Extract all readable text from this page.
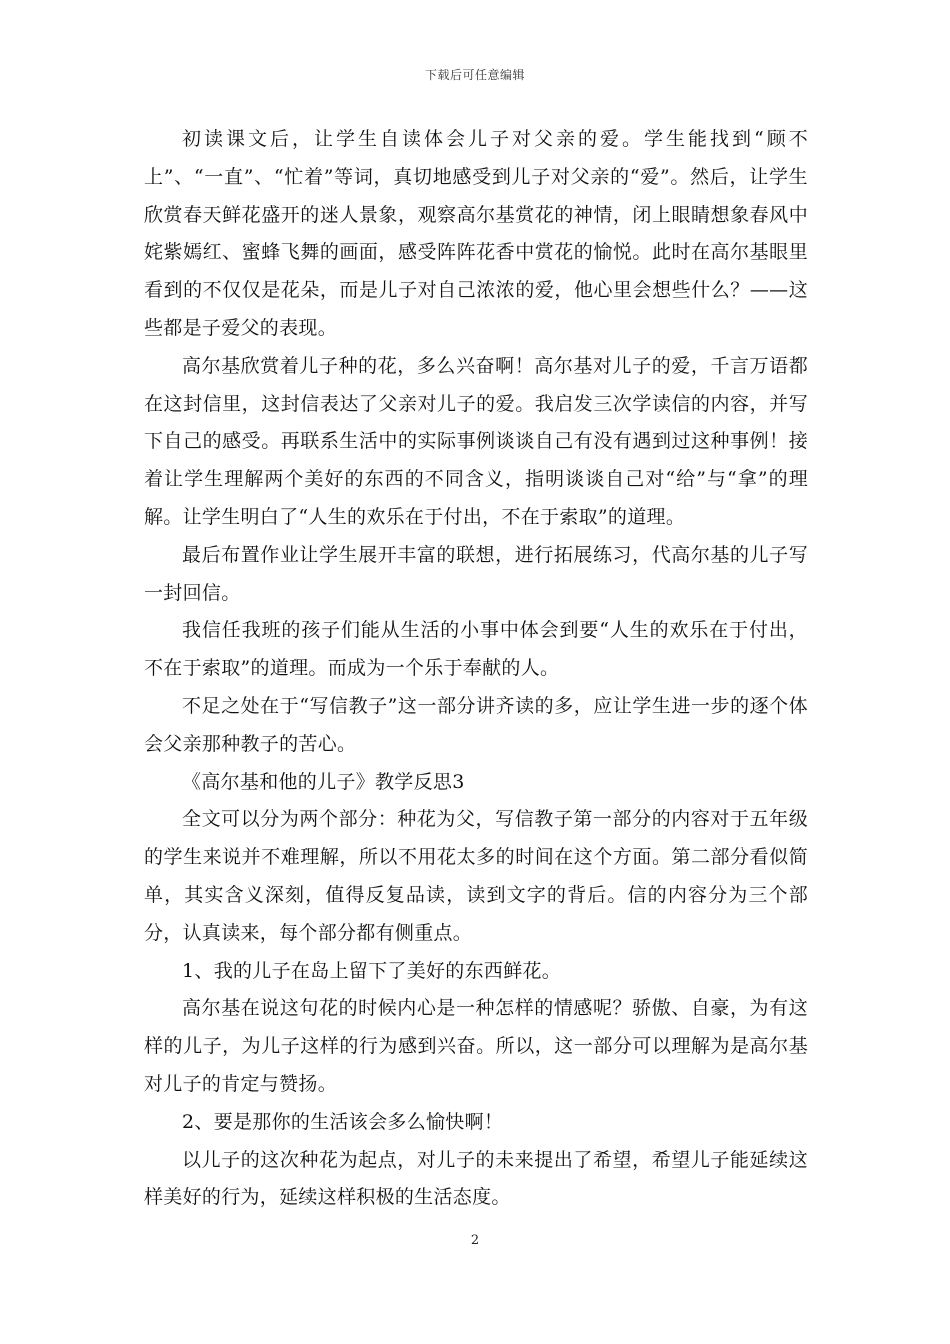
下载后可任意编辑

初读课文后，让学生自读体会儿子对父亲的爱。学生能找到“顾不上”、“一直”、“忙着”等词，真切地感受到儿子对父亲的“爱”。然后，让学生欣赏春天鲜花盛开的迷人景象，观察高尔基赏花的神情，闭上眼睛想象春风中姹紫嫣红、蜜蜂飞舞的画面，感受阵阵花香中赏花的愉悦。此时在高尔基眼里看到的不仅仅是花朵，而是儿子对自己浓浓的爱，他心里会想些什么？——这些都是子爱父的表现。

高尔基欣赏着儿子种的花，多么兴奋啊！高尔基对儿子的爱，千言万语都在这封信里，这封信表达了父亲对儿子的爱。我启发三次学读信的内容，并写下自己的感受。再联系生活中的实际事例谈谈自己有没有遇到过这种事例！接着让学生理解两个美好的东西的不同含义，指明谈谈自己对“给”与“拿”的理解。让学生明白了“人生的欢乐在于付出，不在于索取”的道理。

最后布置作业让学生展开丰富的联想，进行拓展练习，代高尔基的儿子写一封回信。

我信任我班的孩子们能从生活的小事中体会到要“人生的欢乐在于付出，不在于索取”的道理。而成为一个乐于奉献的人。

不足之处在于“写信教子”这一部分讲齐读的多，应让学生进一步的逐个体会父亲那种教子的苦心。

《高尔基和他的儿子》教学反思3

全文可以分为两个部分：种花为父，写信教子第一部分的内容对于五年级的学生来说并不难理解，所以不用花太多的时间在这个方面。第二部分看似简单，其实含义深刻，值得反复品读，读到文字的背后。信的内容分为三个部分，认真读来，每个部分都有侧重点。

1、我的儿子在岛上留下了美好的东西鲜花。

高尔基在说这句花的时候内心是一种怎样的情感呢？骄傲、自豪，为有这样的儿子，为儿子这样的行为感到兴奋。所以，这一部分可以理解为是高尔基对儿子的肯定与赞扬。

2、要是那你的生活该会多么愉快啊！

以儿子的这次种花为起点，对儿子的未来提出了希望，希望儿子能延续这样美好的行为，延续这样积极的生活态度。

2
